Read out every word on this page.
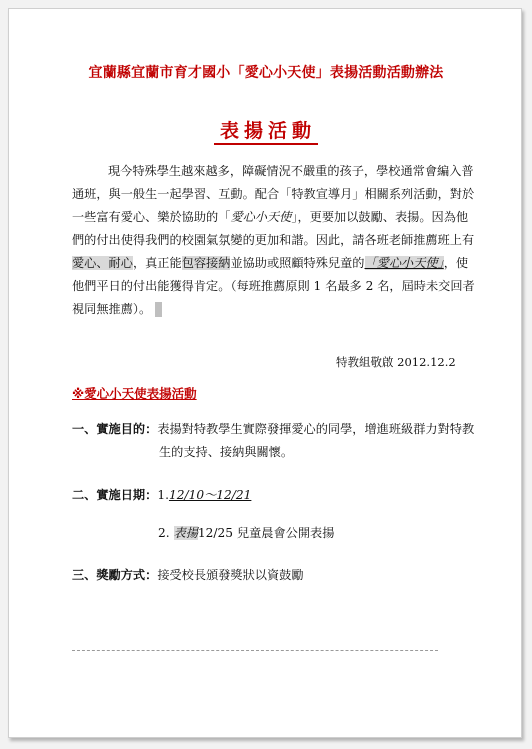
宜蘭縣宜蘭市育才國小「愛心小天使」表揚活動活動辦法
表揚活動

現今特殊學生越來越多，障礙情況不嚴重的孩子，學校通常會編入普

通班，與一般生一起學習、互動。配合「特教宣導月」相關系列活動，對於

一些富有愛心、樂於協助的「愛心小天使」，更要加以鼓勵、表揚。因為他

們的付出使得我們的校園氣氛變的更加和諧。因此，請各班老師推薦班上有

愛心、耐心，真正能包容接納並協助或照顧特殊兒童的「愛心小天使」，使

他們平日的付出能獲得肯定。（每班推薦原則 1 名最多 2 名，屆時未交回者

視同無推薦）。

特教組敬啟 2012.12.2
※愛心小天使表揚活動
一、實施目的：表揚對特教學生實際發揮愛心的同學，增進班級群力對特教
生的支持、接納與關懷。
二、實施日期：1.12/10～12/21
2. 表揚12/25 兒童晨會公開表揚
三、獎勵方式：接受校長頒發獎狀以資鼓勵
